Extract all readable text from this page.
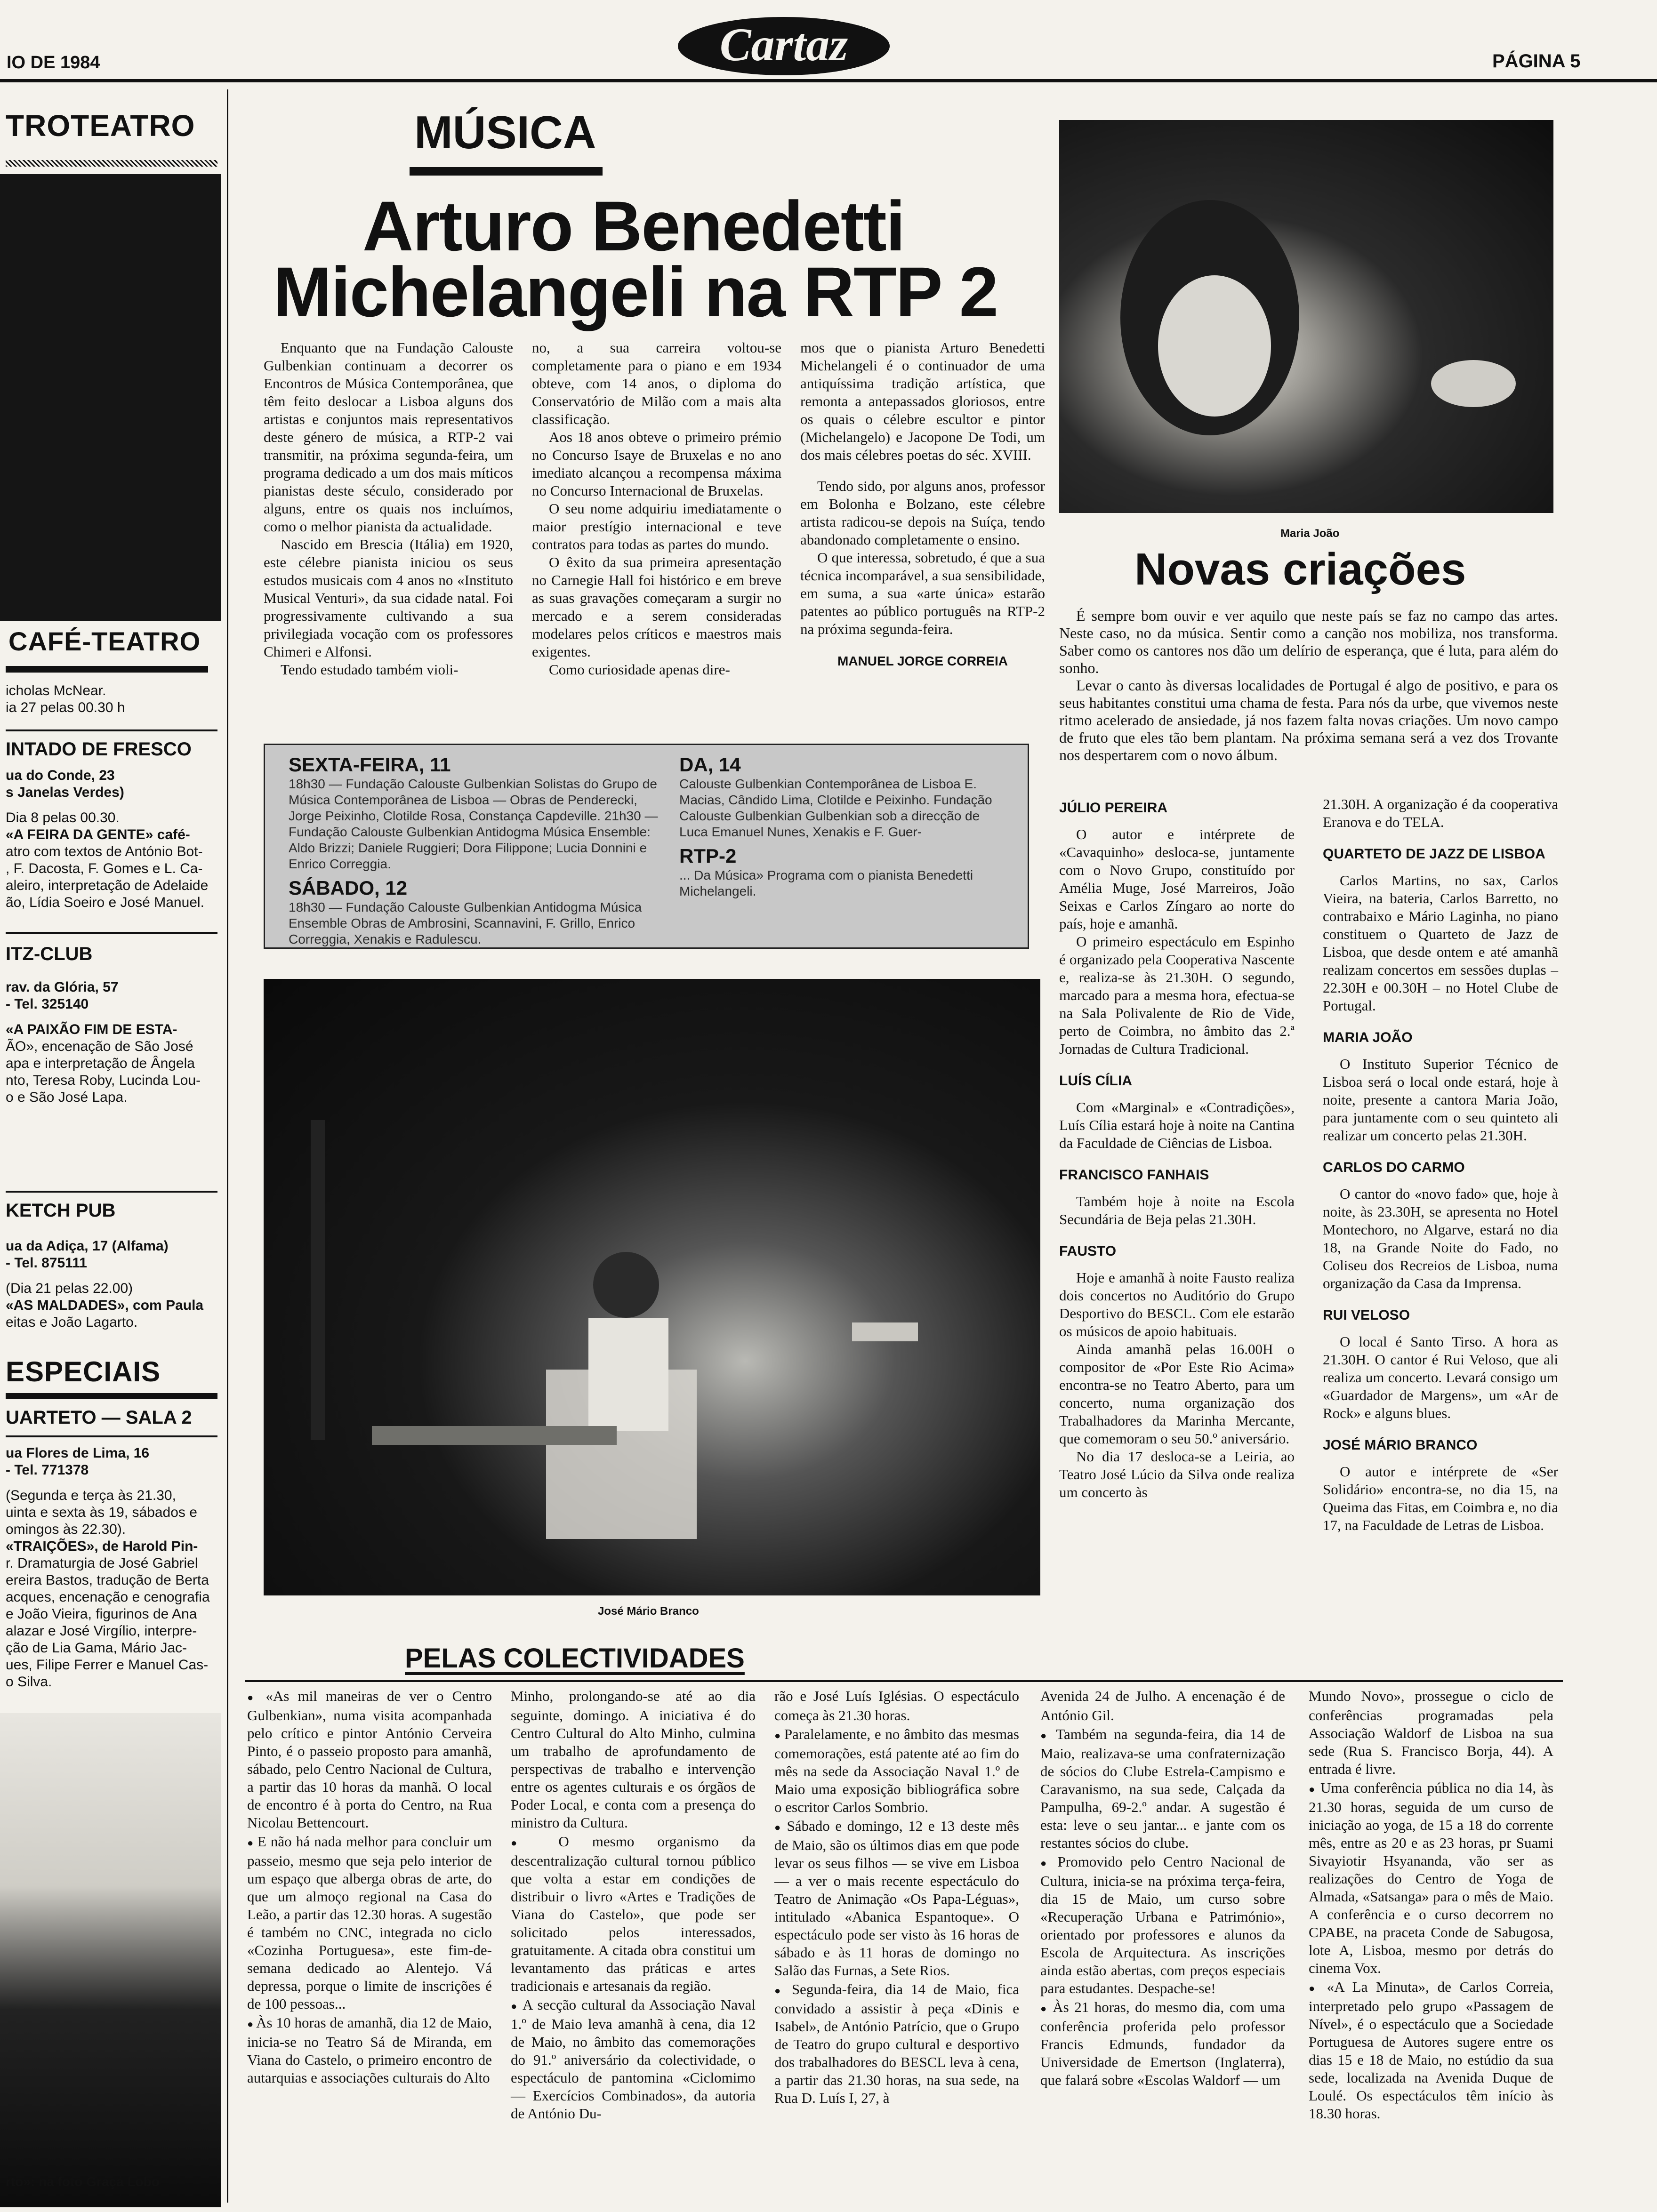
IO DE 1984	Cartaz	PÁGINA 5
TROTEATRO
CAFÉ-TEATRO
icholas McNear.
ia 27 pelas 00.30 h
INTADO DE FRESCO
ua do Conde, 23
s Janelas Verdes)
Dia 8 pelas 00.30.
«A FEIRA DA GENTE» café-
atro com textos de António Bot-
, F. Dacosta, F. Gomes e L. Ca-
aleiro, interpretação de Adelaide
ão, Lídia Soeiro e José Manuel.
ITZ-CLUB
rav. da Glória, 57
- Tel. 325140
«A PAIXÃO FIM DE ESTA-
ÃO», encenação de São José
apa e interpretação de Ângela
nto, Teresa Roby, Lucinda Lou-
o e São José Lapa.
KETCH PUB
ua da Adiça, 17 (Alfama)
- Tel. 875111
(Dia 21 pelas 22.00)
«AS MALDADES», com Paula
eitas e João Lagarto.
ESPECIAIS
UARTETO — SALA 2
ua Flores de Lima, 16
- Tel. 771378
(Segunda e terça às 21.30,
uinta e sexta às 19, sábados e
omingos às 22.30).
«TRAIÇÕES», de Harold Pin-
r. Dramaturgia de José Gabriel
ereira Bastos, tradução de Berta
acques, encenação e cenografia
e João Vieira, figurinos de Ana
alazar e José Virgílio, interpre-
ção de Lia Gama, Mário Jac-
ues, Filipe Ferrer e Manuel Cas-
o Silva.
rto»: na foto Graça Lobo
MÚSICA
Arturo Benedetti
Michelangeli na RTP 2

Enquanto que na Fundação Calouste Gulbenkian continuam a decorrer os Encontros de Música Contemporânea, que têm feito deslocar a Lisboa alguns dos artistas e conjuntos mais representativos deste género de música, a RTP-2 vai transmitir, na próxima segunda-feira, um programa dedicado a um dos mais míticos pianistas deste século, considerado por alguns, entre os quais nos incluímos, como o melhor pianista da actualidade.

Nascido em Brescia (Itália) em 1920, este célebre pianista iniciou os seus estudos musicais com 4 anos no «Instituto Musical Venturi», da sua cidade natal. Foi progressivamente cultivando a sua privilegiada vocação com os professores Chimeri e Alfonsi.

Tendo estudado também violi-

no, a sua carreira voltou-se completamente para o piano e em 1934 obteve, com 14 anos, o diploma do Conservatório de Milão com a mais alta classificação.

Aos 18 anos obteve o primeiro prémio no Concurso Isaye de Bruxelas e no ano imediato alcançou a recompensa máxima no Concurso Internacional de Bruxelas.

O seu nome adquiriu imediatamente o maior prestígio internacional e teve contratos para todas as partes do mundo.

O êxito da sua primeira apresentação no Carnegie Hall foi histórico e em breve as suas gravações começaram a surgir no mercado e a serem consideradas modelares pelos críticos e maestros mais exigentes.

Como curiosidade apenas dire-

mos que o pianista Arturo Benedetti Michelangeli é o continuador de uma antiquíssima tradição artística, que remonta a antepassados gloriosos, entre os quais o célebre escultor e pintor (Michelangelo) e Jacopone De Todi, um dos mais célebres poetas do séc. XVIII.

Tendo sido, por alguns anos, professor em Bolonha e Bolzano, este célebre artista radicou-se depois na Suíça, tendo abandonado completamente o ensino.

O que interessa, sobretudo, é que a sua técnica incomparável, a sua sensibilidade, em suma, a sua «arte única» estarão patentes ao público português na RTP-2 na próxima segunda-feira.

MANUEL JORGE CORREIA
SEXTA-FEIRA, 11
18h30 — Fundação Calouste Gulbenkian Solistas do Grupo de Música Contemporânea de Lisboa — Obras de Penderecki, Jorge Peixinho, Clotilde Rosa, Constança Capdeville. 21h30 — Fundação Calouste Gulbenkian Antidogma Música Ensemble: Aldo Brizzi; Daniele Ruggieri; Dora Filippone; Lucia Donnini e Enrico Correggia.
SÁBADO, 12
18h30 — Fundação Calouste Gulbenkian Antidogma Música Ensemble Obras de Ambrosini, Scannavini, F. Grillo, Enrico Correggia, Xenakis e Radulescu.
DA, 14
Calouste Gulbenkian Contemporânea de Lisboa E. Macias, Cândido Lima, Clotilde e Peixinho. Fundação Calouste Gulbenkian Gulbenkian sob a direcção de Luca Emanuel Nunes, Xenakis e F. Guer-
RTP-2
... Da Música» Programa com o pianista Benedetti Michelangeli.
José Mário Branco
Maria João
Novas criações

É sempre bom ouvir e ver aquilo que neste país se faz no campo das artes. Neste caso, no da música. Sentir como a canção nos mobiliza, nos transforma. Saber como os cantores nos dão um delírio de esperança, que é luta, para além do sonho.

Levar o canto às diversas localidades de Portugal é algo de positivo, e para os seus habitantes constitui uma chama de festa. Para nós da urbe, que vivemos neste ritmo acelerado de ansiedade, já nos fazem falta novas criações. Um novo campo de fruto que eles tão bem plantam. Na próxima semana será a vez dos Trovante nos despertarem com o novo álbum.

JÚLIO PEREIRA

O autor e intérprete de «Cavaquinho» desloca-se, juntamente com o Novo Grupo, constituído por Amélia Muge, José Marreiros, João Seixas e Carlos Zíngaro ao norte do país, hoje e amanhã.

O primeiro espectáculo em Espinho é organizado pela Cooperativa Nascente e, realiza-se às 21.30H. O segundo, marcado para a mesma hora, efectua-se na Sala Polivalente de Rio de Vide, perto de Coimbra, no âmbito das 2.ª Jornadas de Cultura Tradicional.

LUÍS CÍLIA

Com «Marginal» e «Contradições», Luís Cília estará hoje à noite na Cantina da Faculdade de Ciências de Lisboa.

FRANCISCO FANHAIS

Também hoje à noite na Escola Secundária de Beja pelas 21.30H.

FAUSTO

Hoje e amanhã à noite Fausto realiza dois concertos no Auditório do Grupo Desportivo do BESCL. Com ele estarão os músicos de apoio habituais.

Ainda amanhã pelas 16.00H o compositor de «Por Este Rio Acima» encontra-se no Teatro Aberto, para um concerto, numa organização dos Trabalhadores da Marinha Mercante, que comemoram o seu 50.º aniversário.

No dia 17 desloca-se a Leiria, ao Teatro José Lúcio da Silva onde realiza um concerto às

21.30H. A organização é da cooperativa Eranova e do TELA.

QUARTETO DE JAZZ DE LISBOA

Carlos Martins, no sax, Carlos Vieira, na bateria, Carlos Barretto, no contrabaixo e Mário Laginha, no piano constituem o Quarteto de Jazz de Lisboa, que desde ontem e até amanhã realizam concertos em sessões duplas – 22.30H e 00.30H – no Hotel Clube de Portugal.

MARIA JOÃO

O Instituto Superior Técnico de Lisboa será o local onde estará, hoje à noite, presente a cantora Maria João, para juntamente com o seu quinteto ali realizar um concerto pelas 21.30H.

CARLOS DO CARMO

O cantor do «novo fado» que, hoje à noite, às 23.30H, se apresenta no Hotel Montechoro, no Algarve, estará no dia 18, na Grande Noite do Fado, no Coliseu dos Recreios de Lisboa, numa organização da Casa da Imprensa.

RUI VELOSO

O local é Santo Tirso. A hora as 21.30H. O cantor é Rui Veloso, que ali realiza um concerto. Levará consigo um «Guardador de Margens», um «Ar de Rock» e alguns blues.

JOSÉ MÁRIO BRANCO

O autor e intérprete de «Ser Solidário» encontra-se, no dia 15, na Queima das Fitas, em Coimbra e, no dia 17, na Faculdade de Letras de Lisboa.

PELAS COLECTIVIDADES

● «As mil maneiras de ver o Centro Gulbenkian», numa visita acompanhada pelo crítico e pintor António Cerveira Pinto, é o passeio proposto para amanhã, sábado, pelo Centro Nacional de Cultura, a partir das 10 horas da manhã. O local de encontro é à porta do Centro, na Rua Nicolau Bettencourt.

● E não há nada melhor para concluir um passeio, mesmo que seja pelo interior de um espaço que alberga obras de arte, do que um almoço regional na Casa do Leão, a partir das 12.30 horas. A sugestão é também no CNC, integrada no ciclo «Cozinha Portuguesa», este fim-de-semana dedicado ao Alentejo. Vá depressa, porque o limite de inscrições é de 100 pessoas...

● Às 10 horas de amanhã, dia 12 de Maio, inicia-se no Teatro Sá de Miranda, em Viana do Castelo, o primeiro encontro de autarquias e associações culturais do Alto

Minho, prolongando-se até ao dia seguinte, domingo. A iniciativa é do Centro Cultural do Alto Minho, culmina um trabalho de aprofundamento de perspectivas de trabalho e intervenção entre os agentes culturais e os órgãos de Poder Local, e conta com a presença do ministro da Cultura.

● O mesmo organismo da descentralização cultural tornou público que volta a estar em condições de distribuir o livro «Artes e Tradições de Viana do Castelo», que pode ser solicitado pelos interessados, gratuitamente. A citada obra constitui um levantamento das práticas e artes tradicionais e artesanais da região.

● A secção cultural da Associação Naval 1.º de Maio leva amanhã à cena, dia 12 de Maio, no âmbito das comemorações do 91.º aniversário da colectividade, o espectáculo de pantomina «Ciclomimo — Exercícios Combinados», da autoria de António Du-

rão e José Luís Iglésias. O espectáculo começa às 21.30 horas.

● Paralelamente, e no âmbito das mesmas comemorações, está patente até ao fim do mês na sede da Associação Naval 1.º de Maio uma exposição bibliográfica sobre o escritor Carlos Sombrio.

● Sábado e domingo, 12 e 13 deste mês de Maio, são os últimos dias em que pode levar os seus filhos — se vive em Lisboa — a ver o mais recente espectáculo do Teatro de Animação «Os Papa-Léguas», intitulado «Abanica Espantoque». O espectáculo pode ser visto às 16 horas de sábado e às 11 horas de domingo no Salão das Furnas, a Sete Rios.

● Segunda-feira, dia 14 de Maio, fica convidado a assistir à peça «Dinis e Isabel», de António Patrício, que o Grupo de Teatro do grupo cultural e desportivo dos trabalhadores do BESCL leva à cena, a partir das 21.30 horas, na sua sede, na Rua D. Luís I, 27, à

Avenida 24 de Julho. A encenação é de António Gil.

● Também na segunda-feira, dia 14 de Maio, realizava-se uma confraternização de sócios do Clube Estrela-Campismo e Caravanismo, na sua sede, Calçada da Pampulha, 69-2.º andar. A sugestão é esta: leve o seu jantar... e jante com os restantes sócios do clube.

● Promovido pelo Centro Nacional de Cultura, inicia-se na próxima terça-feira, dia 15 de Maio, um curso sobre «Recuperação Urbana e Património», orientado por professores e alunos da Escola de Arquitectura. As inscrições ainda estão abertas, com preços especiais para estudantes. Despache-se!

● Às 21 horas, do mesmo dia, com uma conferência proferida pelo professor Francis Edmunds, fundador da Universidade de Emertson (Inglaterra), que falará sobre «Escolas Waldorf — um

Mundo Novo», prossegue o ciclo de conferências programadas pela Associação Waldorf de Lisboa na sua sede (Rua S. Francisco Borja, 44). A entrada é livre.

● Uma conferência pública no dia 14, às 21.30 horas, seguida de um curso de iniciação ao yoga, de 15 a 18 do corrente mês, entre as 20 e as 23 horas, pr Suami Sivayiotir Hsyananda, vão ser as realizações do Centro de Yoga de Almada, «Satsanga» para o mês de Maio. A conferência e o curso decorrem no CPABE, na praceta Conde de Sabugosa, lote A, Lisboa, mesmo por detrás do cinema Vox.

● «A La Minuta», de Carlos Correia, interpretado pelo grupo «Passagem de Nível», é o espectáculo que a Sociedade Portuguesa de Autores sugere entre os dias 15 e 18 de Maio, no estúdio da sua sede, localizada na Avenida Duque de Loulé. Os espectáculos têm início às 18.30 horas.
